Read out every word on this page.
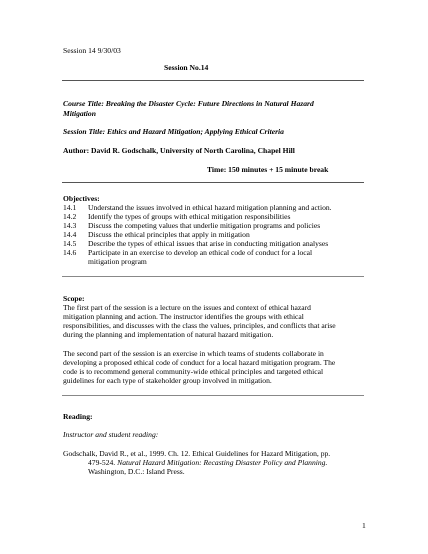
Session 14 9/30/03
Session No.14
Course Title: Breaking the Disaster Cycle: Future Directions in Natural Hazard
Mitigation
Session Title: Ethics and Hazard Mitigation; Applying Ethical Criteria
Author: David R. Godschalk, University of North Carolina, Chapel Hill
Time: 150 minutes + 15 minute break
Objectives:
14.1 Understand the issues involved in ethical hazard mitigation planning and action.
14.2 Identify the types of groups with ethical mitigation responsibilities
14.3 Discuss the competing values that underlie mitigation programs and policies
14.4 Discuss the ethical principles that apply in mitigation
14.5 Describe the types of ethical issues that arise in conducting mitigation analyses
14.6 Participate in an exercise to develop an ethical code of conduct for a local
mitigation program
Scope:
The first part of the session is a lecture on the issues and context of ethical hazard
mitigation planning and action. The instructor identifies the groups with ethical
responsibilities, and discusses with the class the values, principles, and conflicts that arise
during the planning and implementation of natural hazard mitigation.
The second part of the session is an exercise in which teams of students collaborate in
developing a proposed ethical code of conduct for a local hazard mitigation program. The
code is to recommend general community-wide ethical principles and targeted ethical
guidelines for each type of stakeholder group involved in mitigation.
Reading:
Instructor and student reading:
Godschalk, David R., et al., 1999. Ch. 12. Ethical Guidelines for Hazard Mitigation, pp.
479-524. Natural Hazard Mitigation: Recasting Disaster Policy and Planning.
Washington, D.C.: Island Press.
1
